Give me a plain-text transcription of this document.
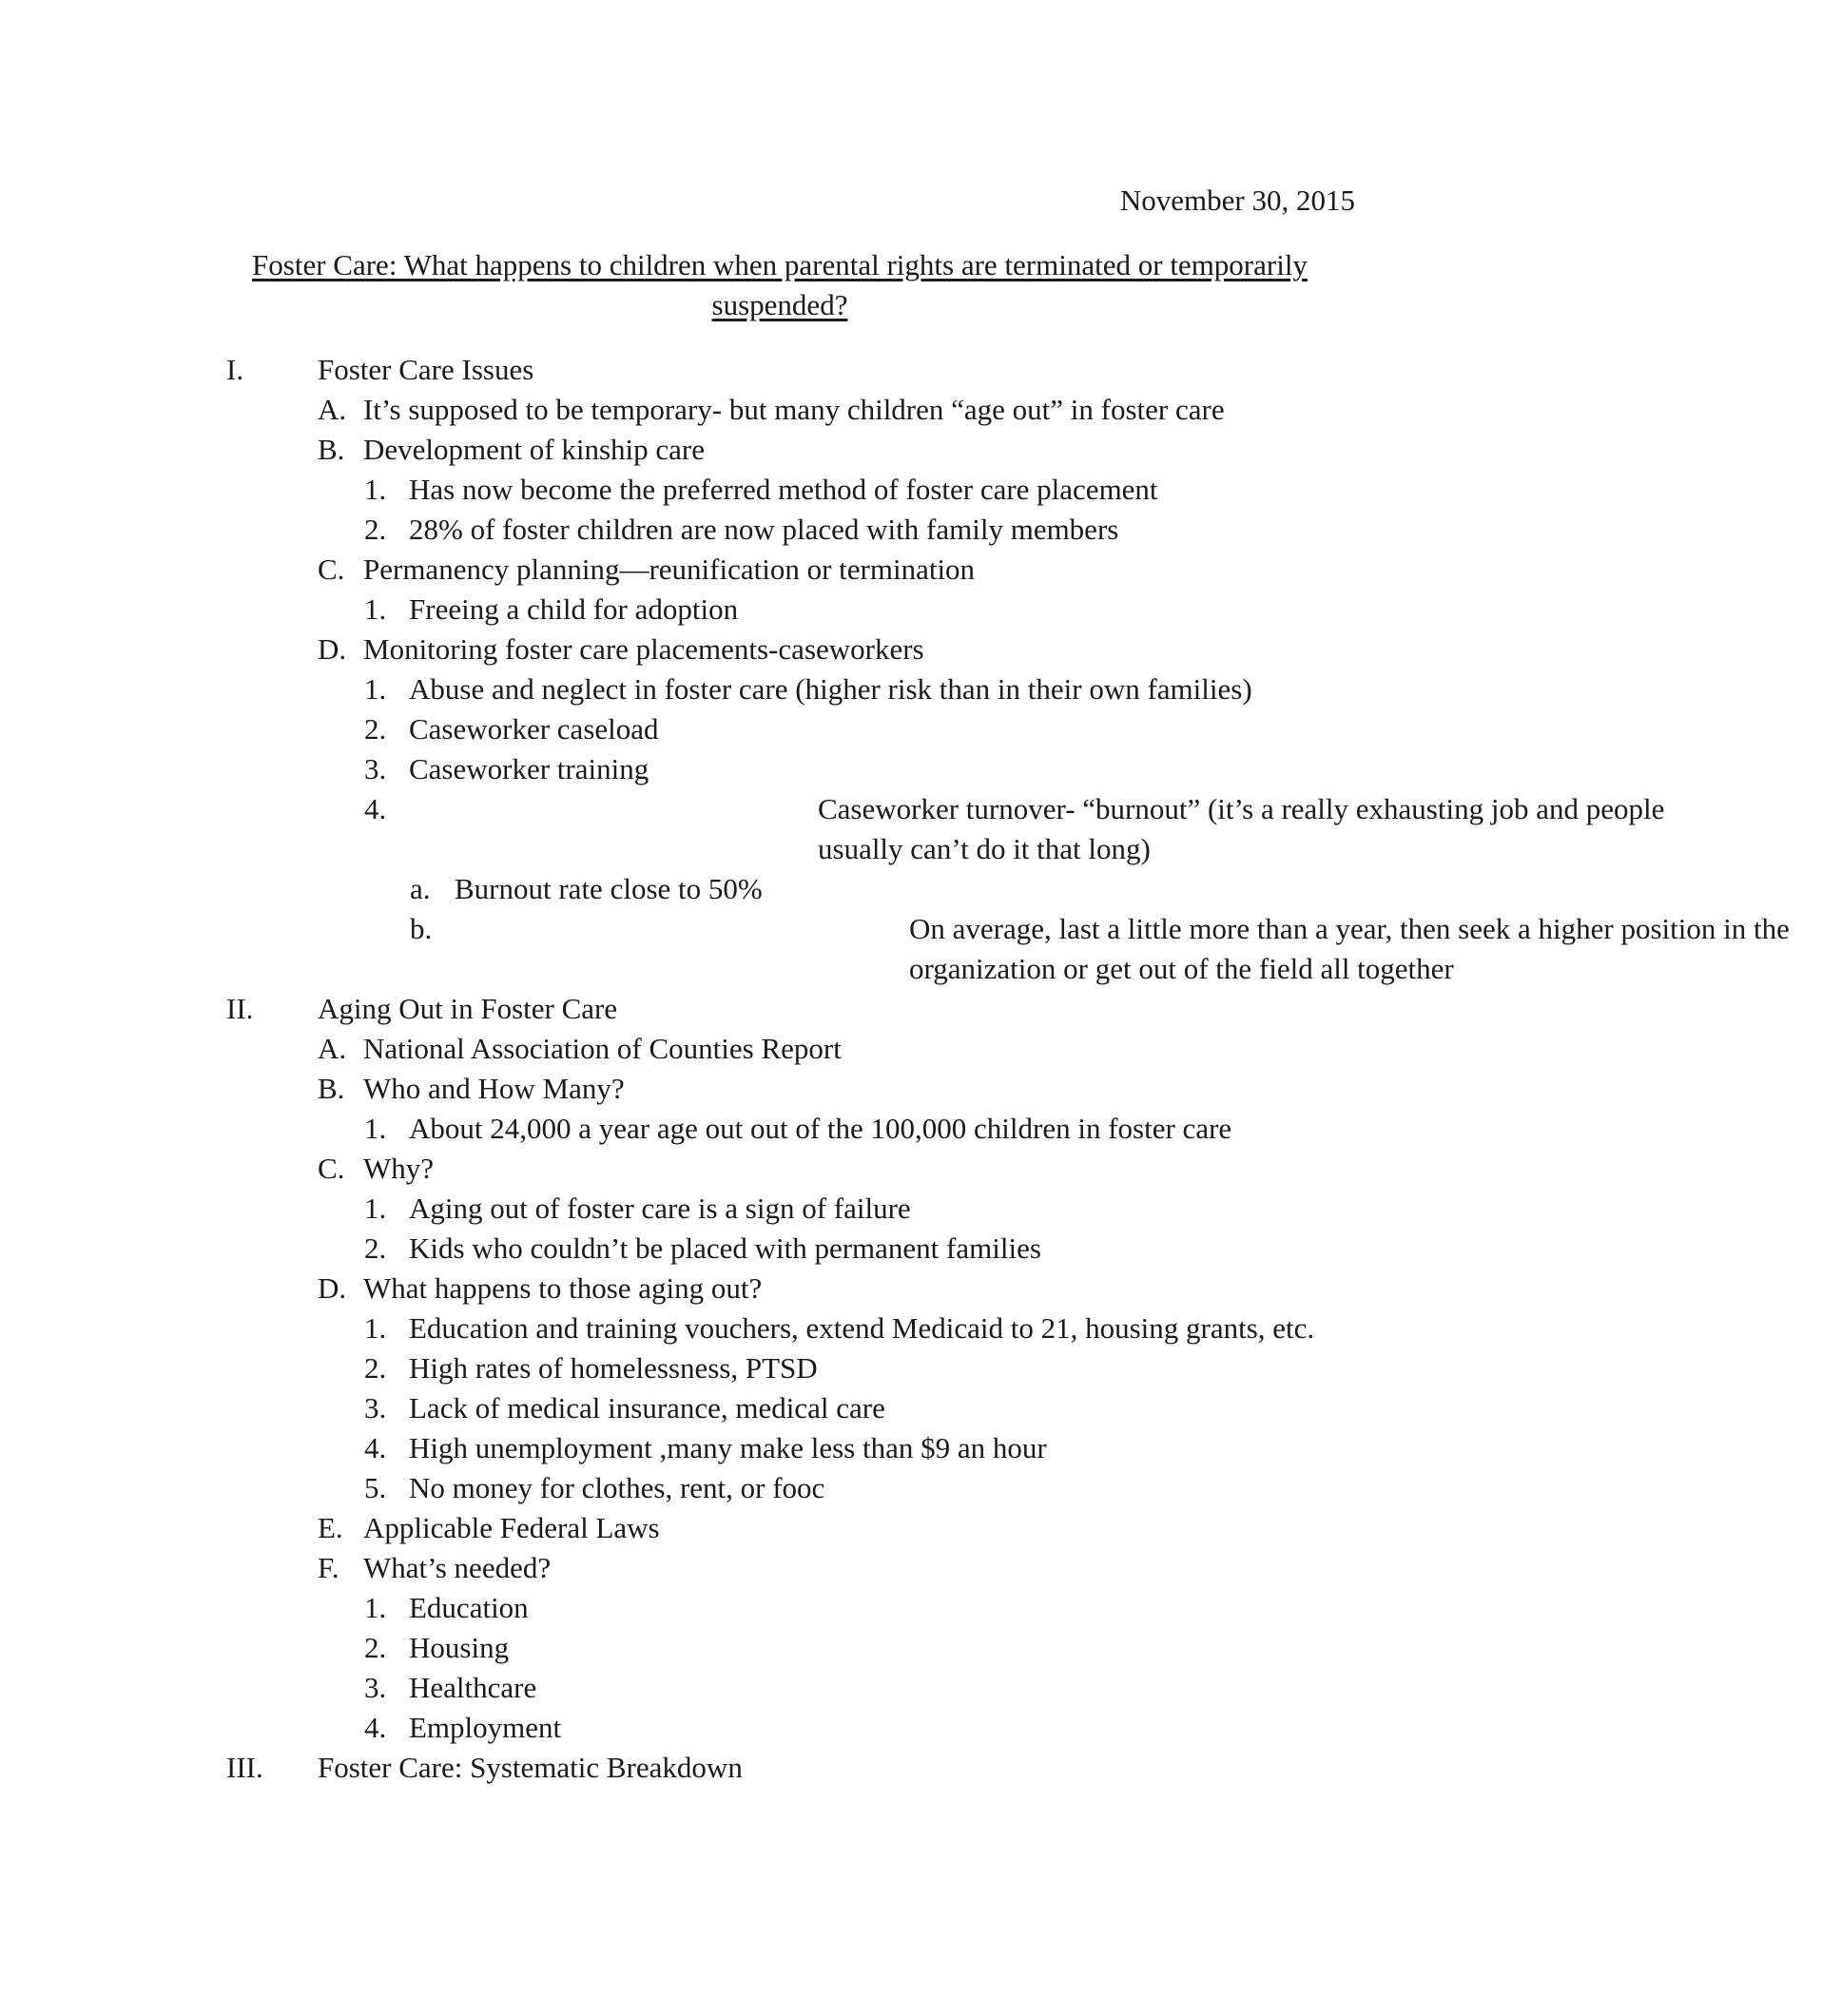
November 30, 2015
Foster Care: What happens to children when parental rights are terminated or temporarily suspended?
I.	Foster Care Issues
A. It’s supposed to be temporary- but many children “age out” in foster care
B. Development of kinship care
1. Has now become the preferred method of foster care placement
2. 28% of foster children are now placed with family members
C. Permanency planning—reunification or termination
1. Freeing a child for adoption
D. Monitoring foster care placements-caseworkers
1. Abuse and neglect in foster care (higher risk than in their own families)
2. Caseworker caseload
3. Caseworker training
4.	Caseworker turnover- “burnout” (it’s a really exhausting job and people usually can’t do it that long)
a. Burnout rate close to 50%
b.	On average, last a little more than a year, then seek a higher position in the organization or get out of the field all together
II. Aging Out in Foster Care
A. National Association of Counties Report
B. Who and How Many?
1. About 24,000 a year age out out of the 100,000 children in foster care
C. Why?
1. Aging out of foster care is a sign of failure
2. Kids who couldn’t be placed with permanent families
D. What happens to those aging out?
1. Education and training vouchers, extend Medicaid to 21, housing grants, etc.
2. High rates of homelessness, PTSD
3. Lack of medical insurance, medical care
4. High unemployment ,many make less than $9 an hour
5. No money for clothes, rent, or fooc
E. Applicable Federal Laws
F. What’s needed?
1. Education
2. Housing
3. Healthcare
4. Employment
III. Foster Care: Systematic Breakdown
